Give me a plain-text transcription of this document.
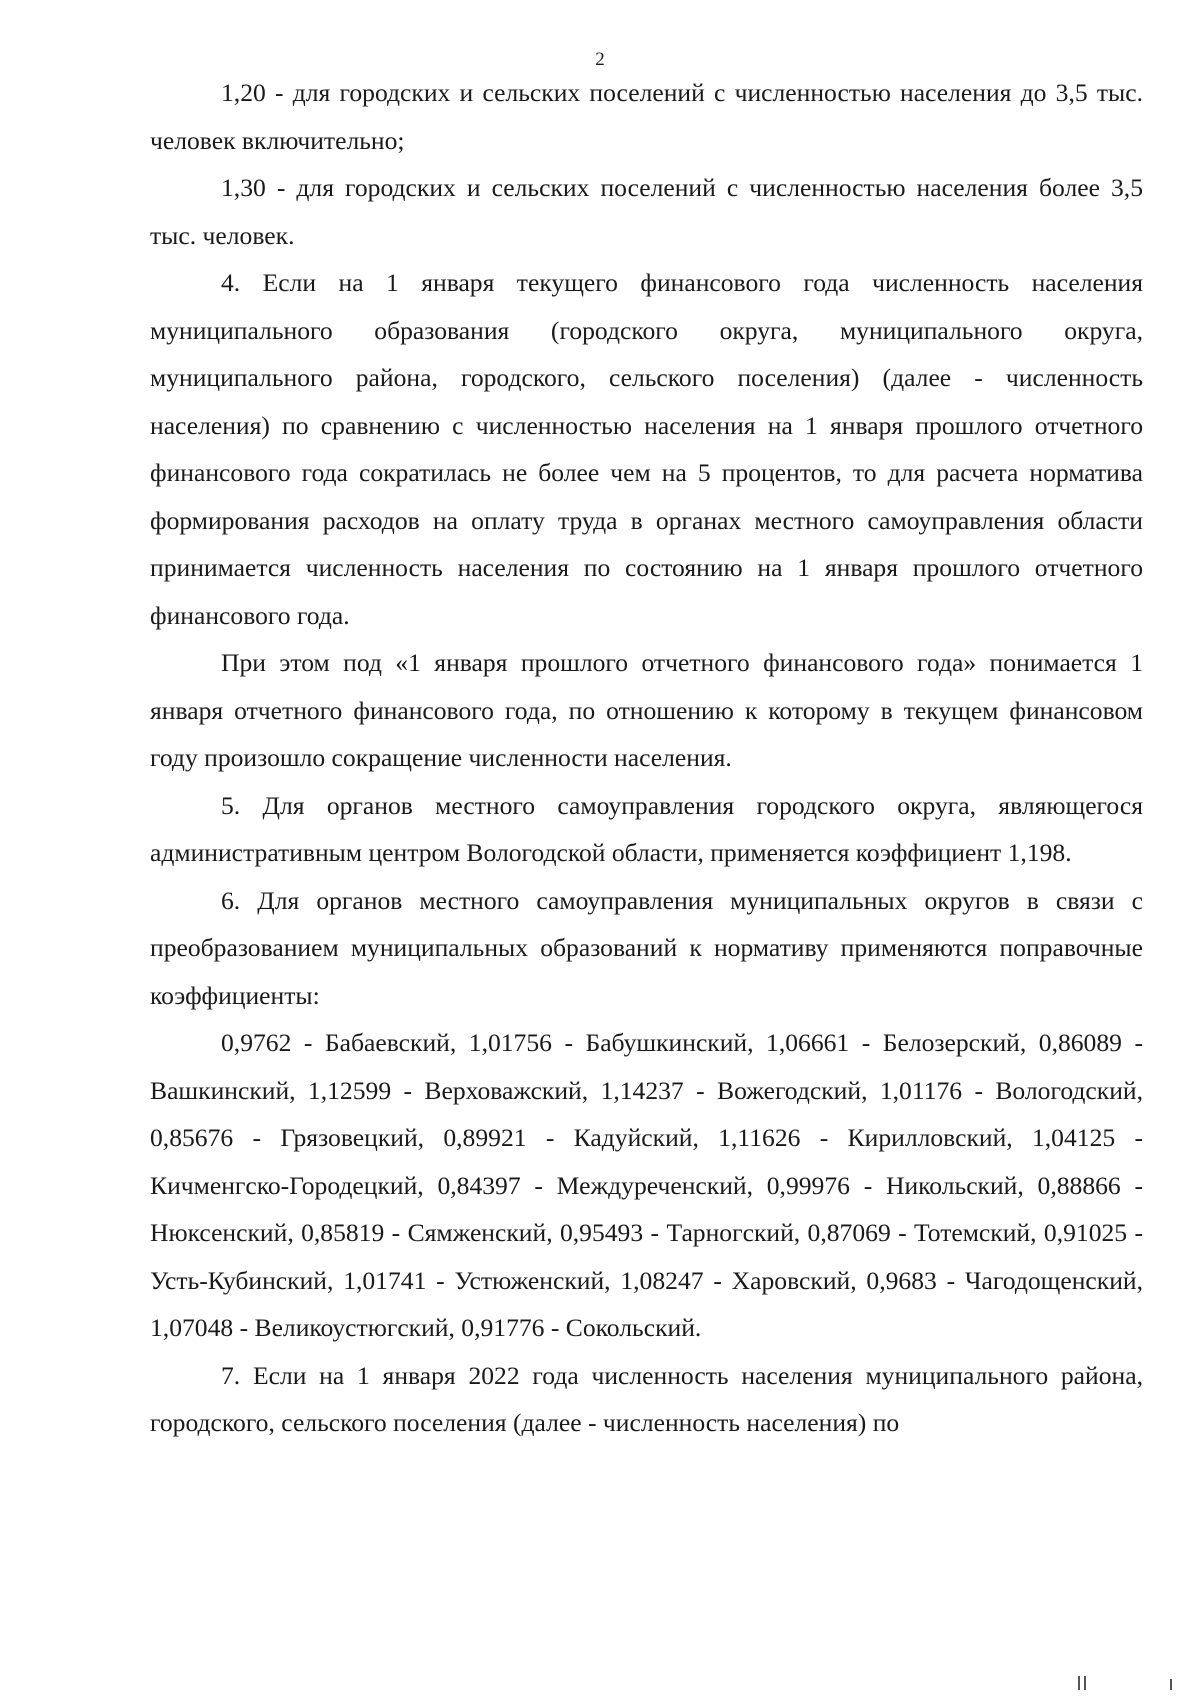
2

1,20 - для городских и сельских поселений с численностью населения до 3,5 тыс. человек включительно;

1,30 - для городских и сельских поселений с численностью населения более 3,5 тыс. человек.

4. Если на 1 января текущего финансового года численность населения муниципального образования (городского округа, муниципального округа, муниципального района, городского, сельского поселения) (далее - численность населения) по сравнению с численностью населения на 1 января прошлого отчетного финансового года сократилась не более чем на 5 процентов, то для расчета норматива формирования расходов на оплату труда в органах местного самоуправления области принимается численность населения по состоянию на 1 января прошлого отчетного финансового года.

При этом под «1 января прошлого отчетного финансового года» понимается 1 января отчетного финансового года, по отношению к которому в текущем финансовом году произошло сокращение численности населения.

5. Для органов местного самоуправления городского округа, являющегося административным центром Вологодской области, применяется коэффициент 1,198.

6. Для органов местного самоуправления муниципальных округов в связи с преобразованием муниципальных образований к нормативу применяются поправочные коэффициенты:

0,9762 - Бабаевский, 1,01756 - Бабушкинский, 1,06661 - Белозерский, 0,86089 - Вашкинский, 1,12599 - Верховажский, 1,14237 - Вожегодский, 1,01176 - Вологодский, 0,85676 - Грязовецкий, 0,89921 - Кадуйский, 1,11626 - Кирилловский, 1,04125 - Кичменгско-Городецкий, 0,84397 - Междуреченский, 0,99976 - Никольский, 0,88866 - Нюксенский, 0,85819 - Сямженский, 0,95493 - Тарногский, 0,87069 - Тотемский, 0,91025 - Усть-Кубинский, 1,01741 - Устюженский, 1,08247 - Харовский, 0,9683 - Чагодощенский, 1,07048 - Великоустюгский, 0,91776 - Сокольский.

7. Если на 1 января 2022 года численность населения муниципального района, городского, сельского поселения (далее - численность населения) по
